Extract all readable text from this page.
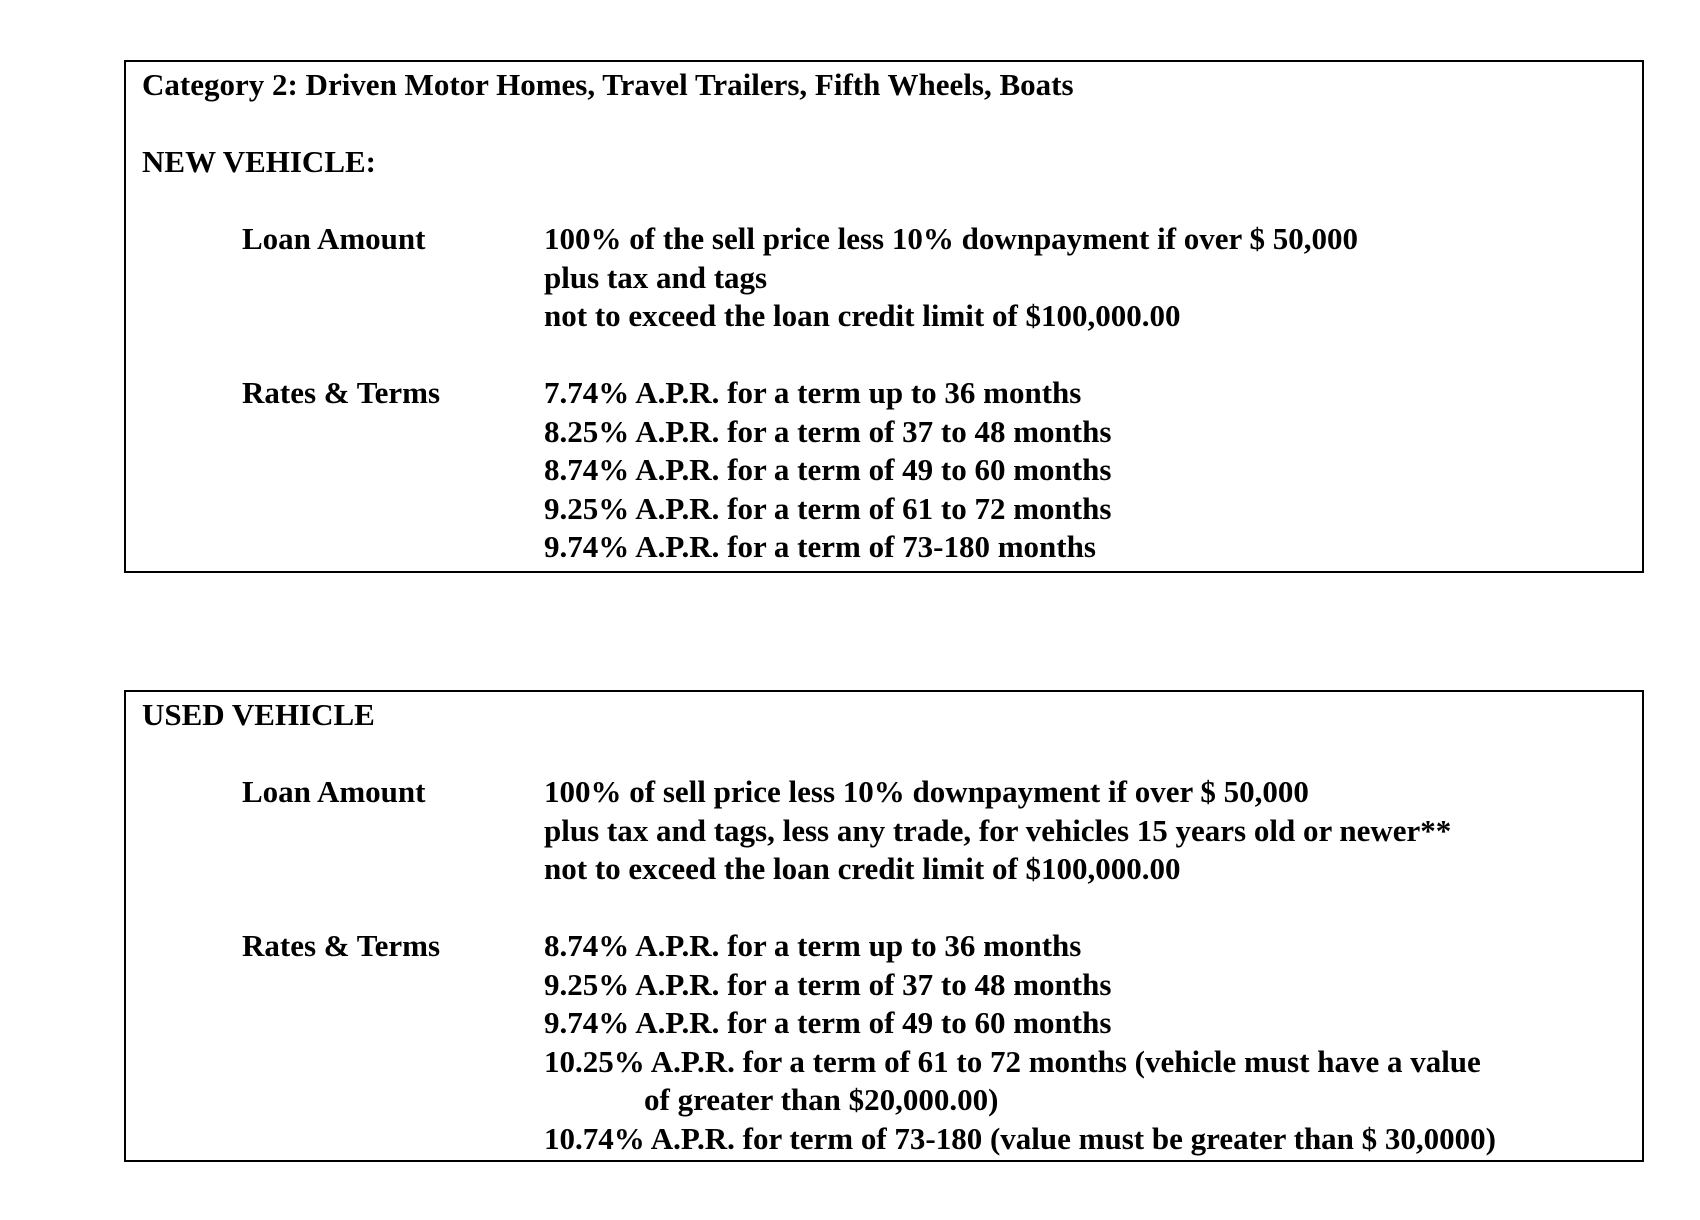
Category 2: Driven Motor Homes, Travel Trailers, Fifth Wheels, Boats
NEW VEHICLE:
Loan Amount	100% of the sell price less 10% downpayment if over $ 50,000
plus tax and tags
not to exceed the loan credit limit of $100,000.00
Rates & Terms	7.74% A.P.R. for a term up to 36 months
8.25% A.P.R. for a term of 37 to 48 months
8.74% A.P.R. for a term of 49 to 60 months
9.25% A.P.R. for a term of 61 to 72 months
9.74% A.P.R. for a term of 73-180 months
USED VEHICLE
Loan Amount	100% of sell price less 10% downpayment if over $ 50,000
plus tax and tags, less any trade, for vehicles 15 years old or newer**
not to exceed the loan credit limit of $100,000.00
Rates & Terms	8.74% A.P.R. for a term up to 36 months
9.25% A.P.R. for a term of 37 to 48 months
9.74% A.P.R. for a term of 49 to 60 months
10.25% A.P.R. for a term of 61 to 72 months (vehicle must have a value
of greater than $20,000.00)
10.74% A.P.R. for term of 73-180 (value must be greater than $ 30,0000)
